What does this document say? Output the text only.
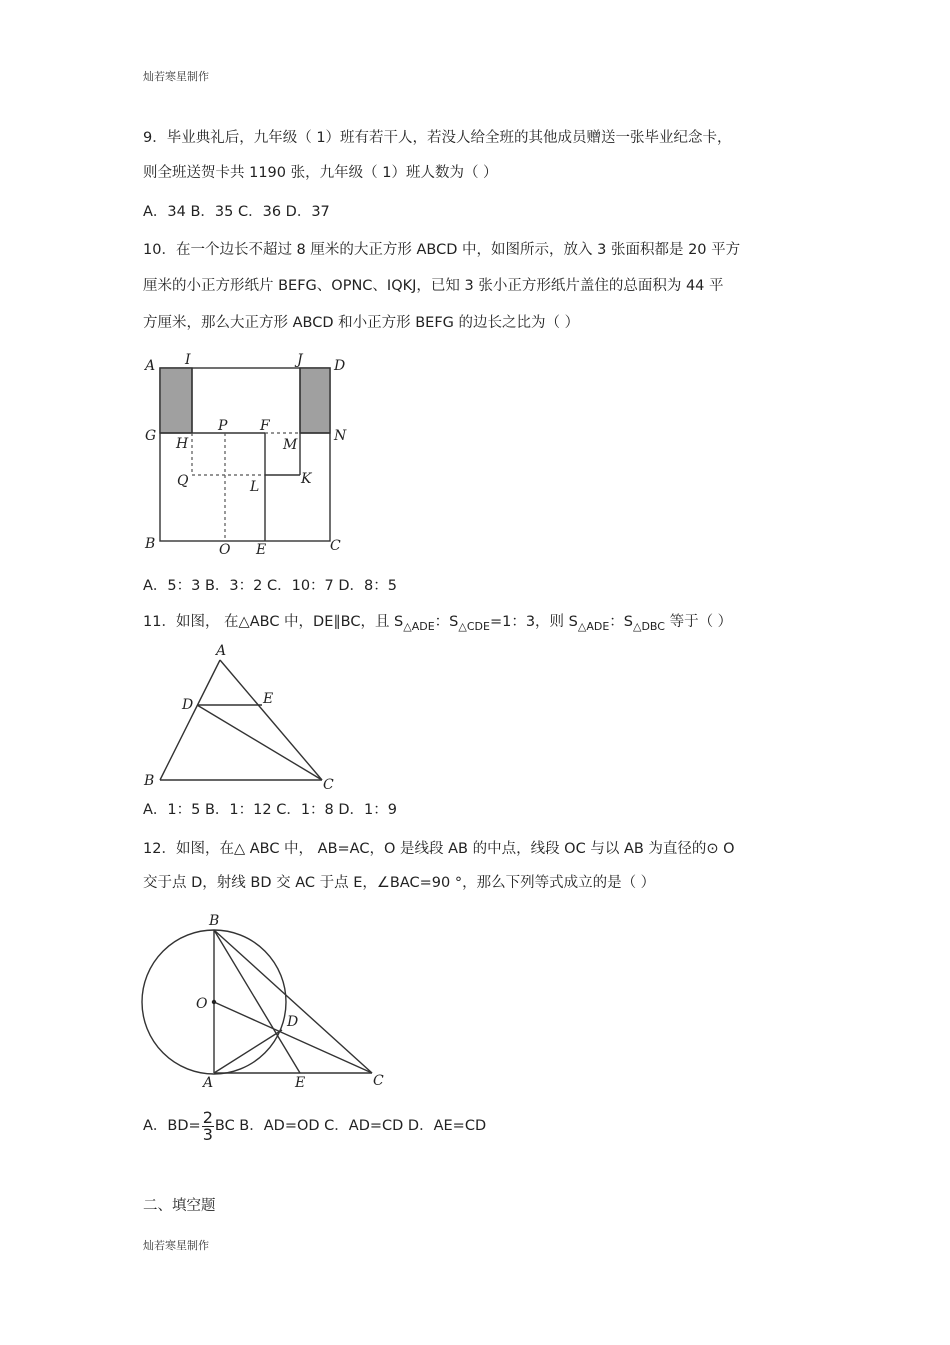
灿若寒星制作
9．毕业典礼后，九年级（ 1）班有若干人，若没人给全班的其他成员赠送一张毕业纪念卡，
则全班送贺卡共 1190 张，九年级（ 1）班人数为（ ）
A．34 B．35 C．36 D．37
10．在一个边长不超过 8 厘米的大正方形 ABCD 中，如图所示，放入 3 张面积都是 20 平方
厘米的小正方形纸片 BEFG、OPNC、IQKJ，已知 3 张小正方形纸片盖住的总面积为 44 平
方厘米，那么大正方形 ABCD 和小正方形 BEFG 的边长之比为（ ）
A I	J D
G H
P F
M
N
Q	L	K
B	O E	C
A．5：3 B．3：2 C．10：7 D．8：5
11．如图， 在△ABC 中，DE∥BC，且 $S_{\triangle ADE}$：$S_{\triangle CDE}=1$：3，则 $S_{\triangle ADE}$：$S_{\triangle DBC}$ 等于（ ）
A
D	E
B	C
A．1：5 B．1：12 C．1：8 D．1：9
12．如图，在△ ABC 中， AB=AC，O 是线段 AB 的中点，线段 OC 与以 AB 为直径的⊙ O
交于点 D，射线 BD 交 AC 于点 E，∠BAC=90 °，那么下列等式成立的是（ ）
B
O
D
A	E	C
A．$BD= \frac{2}{3}$ BC B．AD=OD C．AD=CD D．AE=CD
二、填空题
灿若寒星制作
